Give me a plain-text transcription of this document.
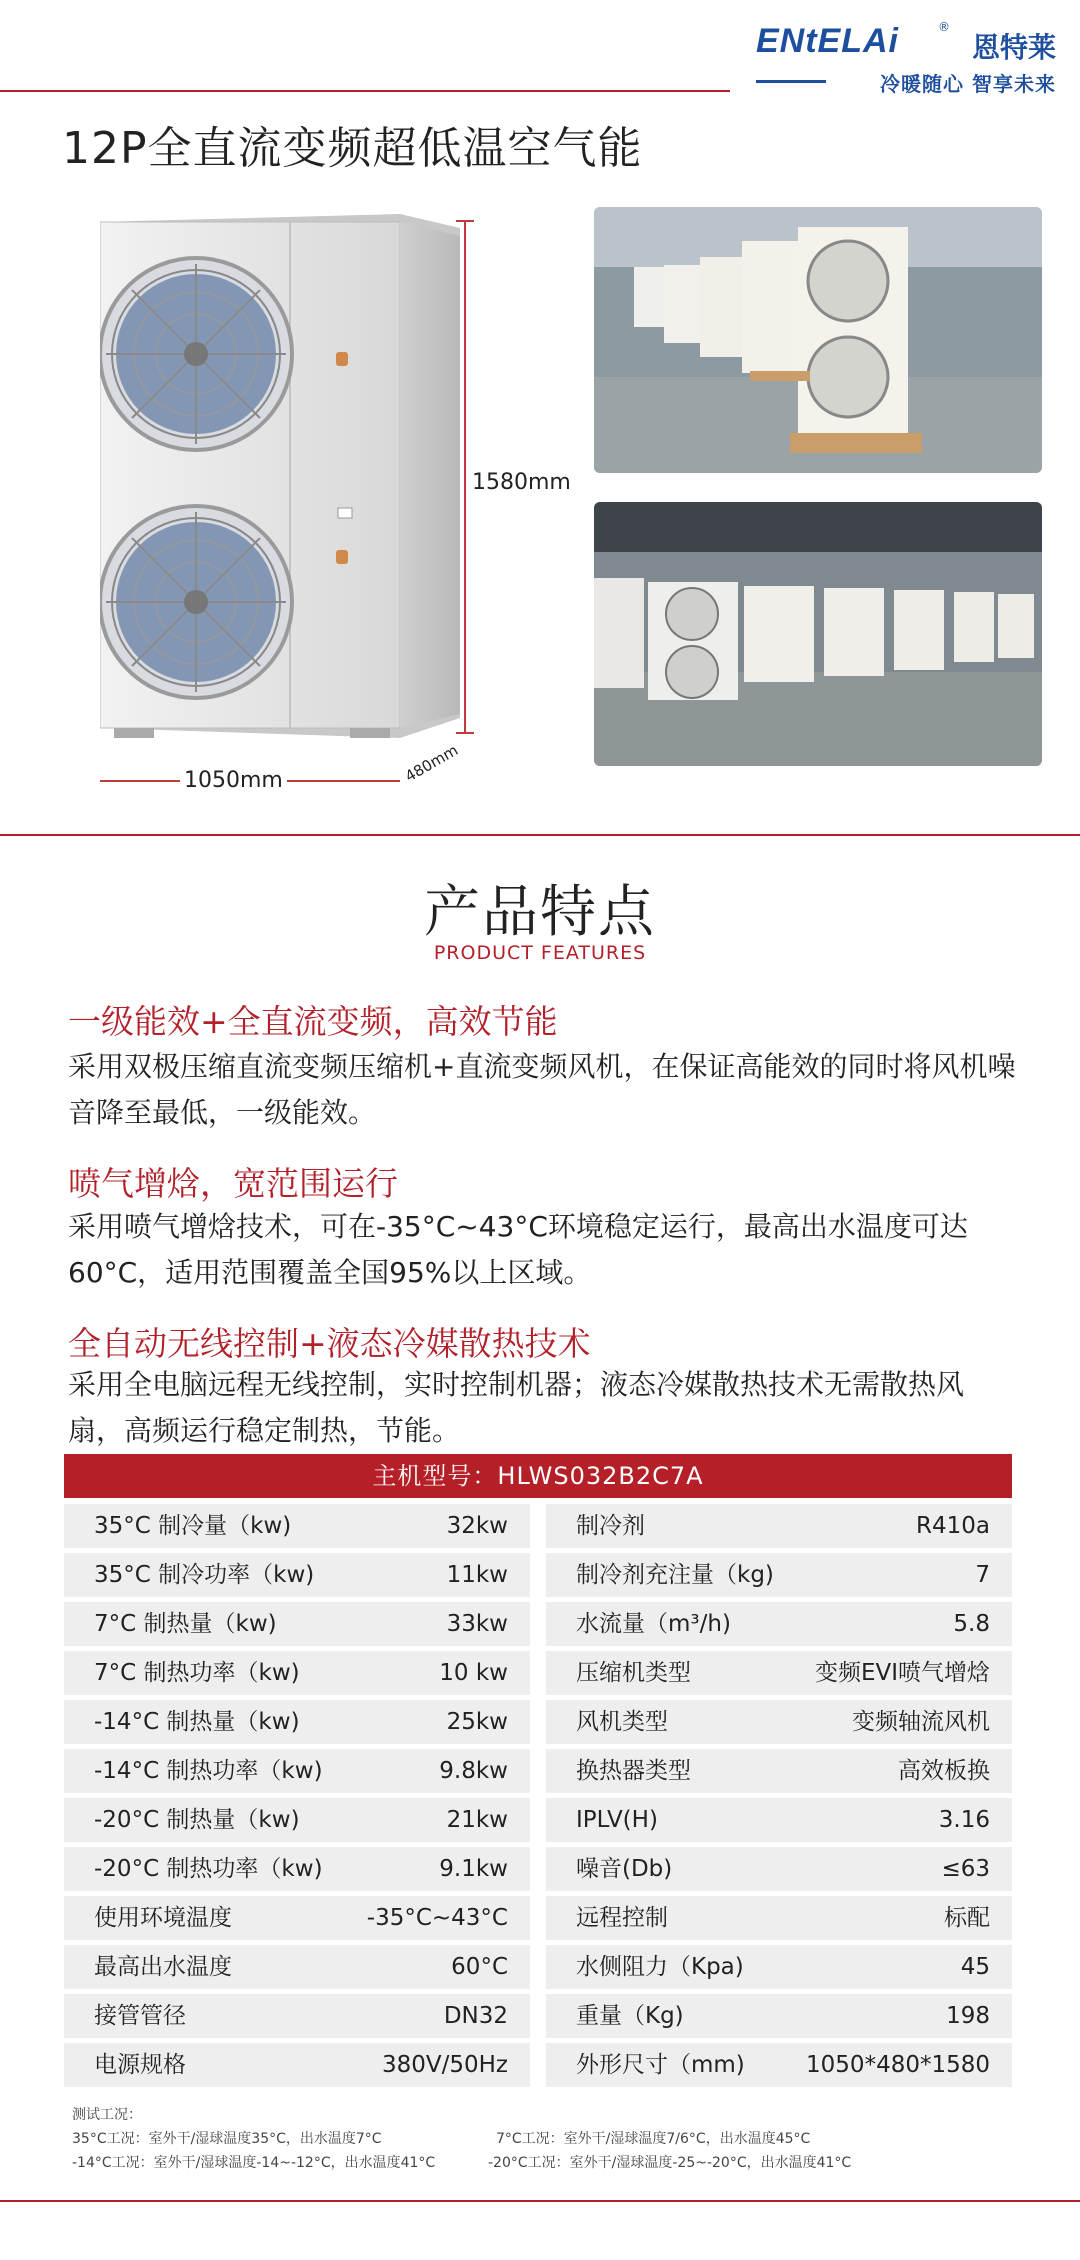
ENtELAi	®
恩特莱
冷暖随心 智享未来
12P全直流变频超低温空气能
1580mm
1050mm	480mm
产品特点
PRODUCT FEATURES
一级能效+全直流变频，高效节能
采用双极压缩直流变频压缩机+直流变频风机，在保证高能效的同时将风机噪音降至最低，一级能效。
喷气增焓，宽范围运行
采用喷气增焓技术，可在-35°C~43°C环境稳定运行，最高出水温度可达60°C，适用范围覆盖全国95%以上区域。
全自动无线控制+液态冷媒散热技术
采用全电脑远程无线控制，实时控制机器；液态冷媒散热技术无需散热风扇，高频运行稳定制热，节能。
主机型号：HLWS032B2C7A
35°C 制冷量（kw)	32kw
35°C 制冷功率（kw)	11kw
7°C 制热量（kw)	33kw
7°C 制热功率（kw)	10 kw
-14°C 制热量（kw)	25kw
-14°C 制热功率（kw)	9.8kw
-20°C 制热量（kw)	21kw
-20°C 制热功率（kw)	9.1kw
使用环境温度	-35°C~43°C
最高出水温度	60°C
接管管径	DN32
电源规格	380V/50Hz
制冷剂	R410a
制冷剂充注量（kg)	7
水流量（m³/h)	5.8
压缩机类型	变频EVI喷气增焓
风机类型	变频轴流风机
换热器类型	高效板换
IPLV(H)	3.16
噪音(Db)	≤63
远程控制	标配
水侧阻力（Kpa)	45
重量（Kg)	198
外形尺寸（mm)	1050*480*1580
测试工况：
35°C工况：室外干/湿球温度35°C，出水温度7°C	7°C工况：室外干/湿球温度7/6°C，出水温度45°C
-14°C工况：室外干/湿球温度-14~-12°C，出水温度41°C	-20°C工况：室外干/湿球温度-25~-20°C，出水温度41°C
